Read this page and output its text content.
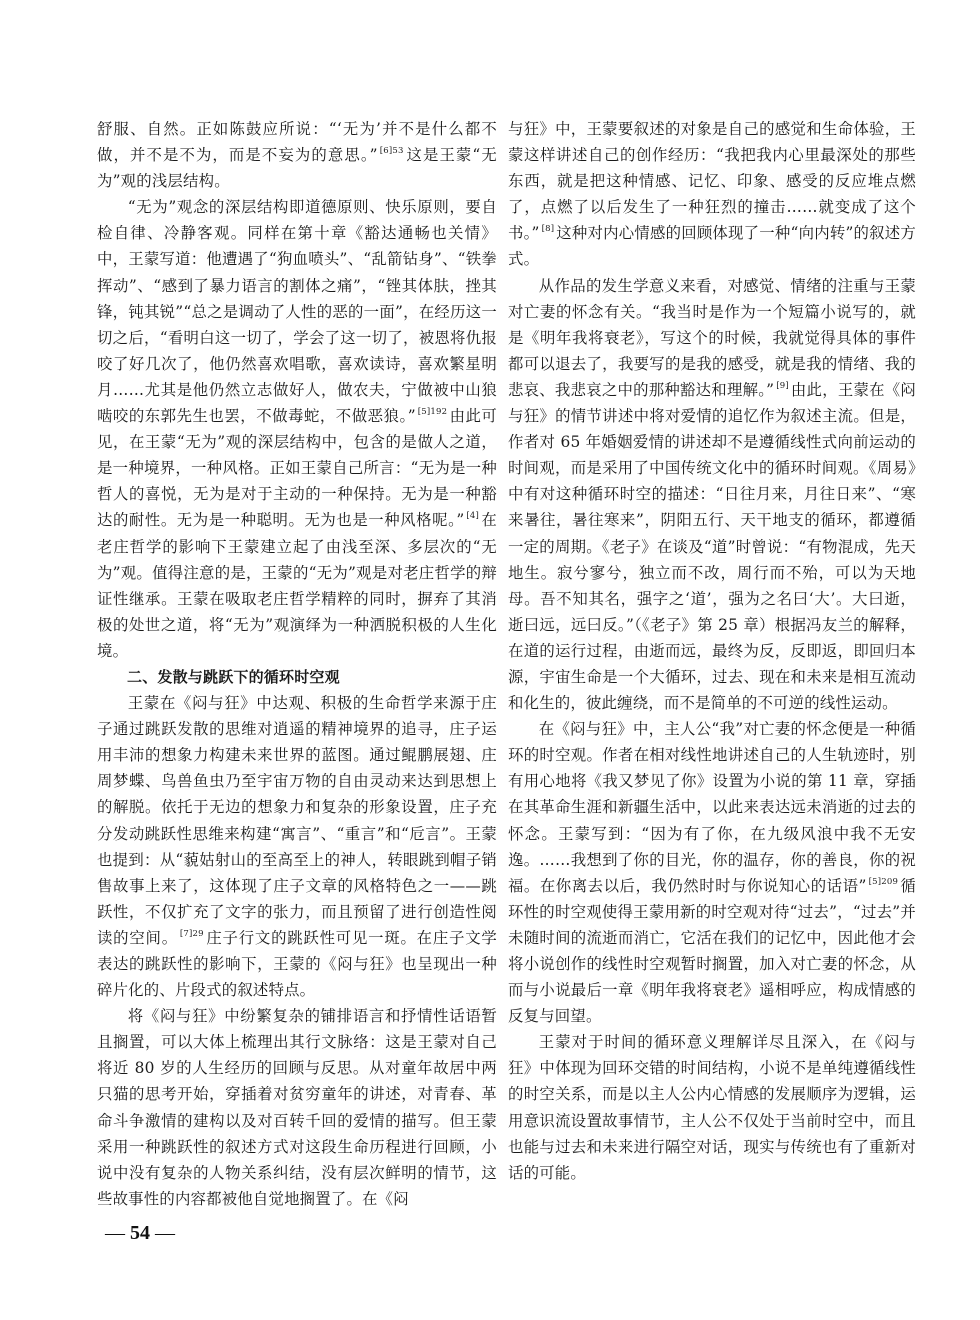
舒服、自然。正如陈鼓应所说：“‘无为’并不是什么都不做，并不是不为，而是不妄为的意思。” $^{[6]53}$ 这是王蒙“无为”观的浅层结构。

“无为”观念的深层结构即道德原则、快乐原则，要自检自律、冷静客观。同样在第十章《豁达通畅也关情》中，王蒙写道：他遭遇了“狗血喷头”、“乱箭钻身”、“铁拳挥动”、“感到了暴力语言的割体之痛”，“锉其体肤，挫其锋，钝其锐”“总之是调动了人性的恶的一面”，在经历这一切之后，“看明白这一切了，学会了这一切了，被恩将仇报咬了好几次了，他仍然喜欢唱歌，喜欢读诗，喜欢繁星明月……尤其是他仍然立志做好人，做农夫，宁做被中山狼啮咬的东郭先生也罢，不做毒蛇，不做恶狼。” $^{[5]192}$ 由此可见，在王蒙“无为”观的深层结构中，包含的是做人之道，是一种境界，一种风格。正如王蒙自己所言：“无为是一种哲人的喜悦，无为是对于主动的一种保持。无为是一种豁达的耐性。无为是一种聪明。无为也是一种风格呢。” [4] 在老庄哲学的影响下王蒙建立起了由浅至深、多层次的“无为”观。值得注意的是，王蒙的“无为”观是对老庄哲学的辩证性继承。王蒙在吸取老庄哲学精粹的同时，摒弃了其消极的处世之道，将“无为”观演绎为一种洒脱积极的人生化境。

二、发散与跳跃下的循环时空观

王蒙在《闷与狂》中达观、积极的生命哲学来源于庄子通过跳跃发散的思维对逍遥的精神境界的追寻，庄子运用丰沛的想象力构建未来世界的蓝图。通过鲲鹏展翅、庄周梦蝶、鸟兽鱼虫乃至宇宙万物的自由灵动来达到思想上的解脱。依托于无边的想象力和复杂的形象设置，庄子充分发动跳跃性思维来构建“寓言”、“重言”和“卮言”。王蒙也提到：从“藐姑射山的至高至上的神人，转眼跳到帽子销售故事上来了，这体现了庄子文章的风格特色之一——跳跃性，不仅扩充了文字的张力，而且预留了进行创造性阅读的空间。 $^{[7]29}$ 庄子行文的跳跃性可见一斑。在庄子文学表达的跳跃性的影响下，王蒙的《闷与狂》也呈现出一种碎片化的、片段式的叙述特点。

将《闷与狂》中纷繁复杂的铺排语言和抒情性话语暂且搁置，可以大体上梳理出其行文脉络：这是王蒙对自己将近 80 岁的人生经历的回顾与反思。从对童年故居中两只猫的思考开始，穿插着对贫穷童年的讲述，对青春、革命斗争激情的建构以及对百转千回的爱情的描写。但王蒙采用一种跳跃性的叙述方式对这段生命历程进行回顾，小说中没有复杂的人物关系纠结，没有层次鲜明的情节，这些故事性的内容都被他自觉地搁置了。在《闷

与狂》中，王蒙要叙述的对象是自己的感觉和生命体验，王蒙这样讲述自己的创作经历：“我把我内心里最深处的那些东西，就是把这种情感、记忆、印象、感受的反应堆点燃了，点燃了以后发生了一种狂烈的撞击……就变成了这个书。” [8] 这种对内心情感的回顾体现了一种“向内转”的叙述方式。

从作品的发生学意义来看，对感觉、情绪的注重与王蒙对亡妻的怀念有关。“我当时是作为一个短篇小说写的，就是《明年我将衰老》，写这个的时候，我就觉得具体的事件都可以退去了，我要写的是我的感受，就是我的情绪、我的悲哀、我悲哀之中的那种豁达和理解。” [9] 由此，王蒙在《闷与狂》的情节讲述中将对爱情的追忆作为叙述主流。但是，作者对 65 年婚姻爱情的讲述却不是遵循线性式向前运动的时间观，而是采用了中国传统文化中的循环时间观。《周易》中有对这种循环时空的描述：“日往月来，月往日来”、“寒来暑往，暑往寒来”，阴阳五行、天干地支的循环，都遵循一定的周期。《老子》在谈及“道”时曾说：“有物混成，先天地生。寂兮寥兮，独立而不改，周行而不殆，可以为天地母。吾不知其名，强字之‘道’，强为之名曰‘大’。大曰逝，逝曰远，远曰反。”（《老子》第 25 章）根据冯友兰的解释，在道的运行过程，由逝而远，最终为反，反即返，即回归本源，宇宙生命是一个大循环，过去、现在和未来是相互流动和化生的，彼此缠绕，而不是简单的不可逆的线性运动。

在《闷与狂》中，主人公“我”对亡妻的怀念便是一种循环的时空观。作者在相对线性地讲述自己的人生轨迹时，别有用心地将《我又梦见了你》设置为小说的第 11 章，穿插在其革命生涯和新疆生活中，以此来表达远未消逝的过去的怀念。王蒙写到：“因为有了你，在九级风浪中我不无安逸。……我想到了你的目光，你的温存，你的善良，你的祝福。在你离去以后，我仍然时时与你说知心的话语” $^{[5]209}$ 循环性的时空观使得王蒙用新的时空观对待“过去”，“过去”并未随时间的流逝而消亡，它活在我们的记忆中，因此他才会将小说创作的线性时空观暂时搁置，加入对亡妻的怀念，从而与小说最后一章《明年我将衰老》遥相呼应，构成情感的反复与回望。

王蒙对于时间的循环意义理解详尽且深入，在《闷与狂》中体现为回环交错的时间结构，小说不是单纯遵循线性的时空关系，而是以主人公内心情感的发展顺序为逻辑，运用意识流设置故事情节，主人公不仅处于当前时空中，而且也能与过去和未来进行隔空对话，现实与传统也有了重新对话的可能。

— 54 —
